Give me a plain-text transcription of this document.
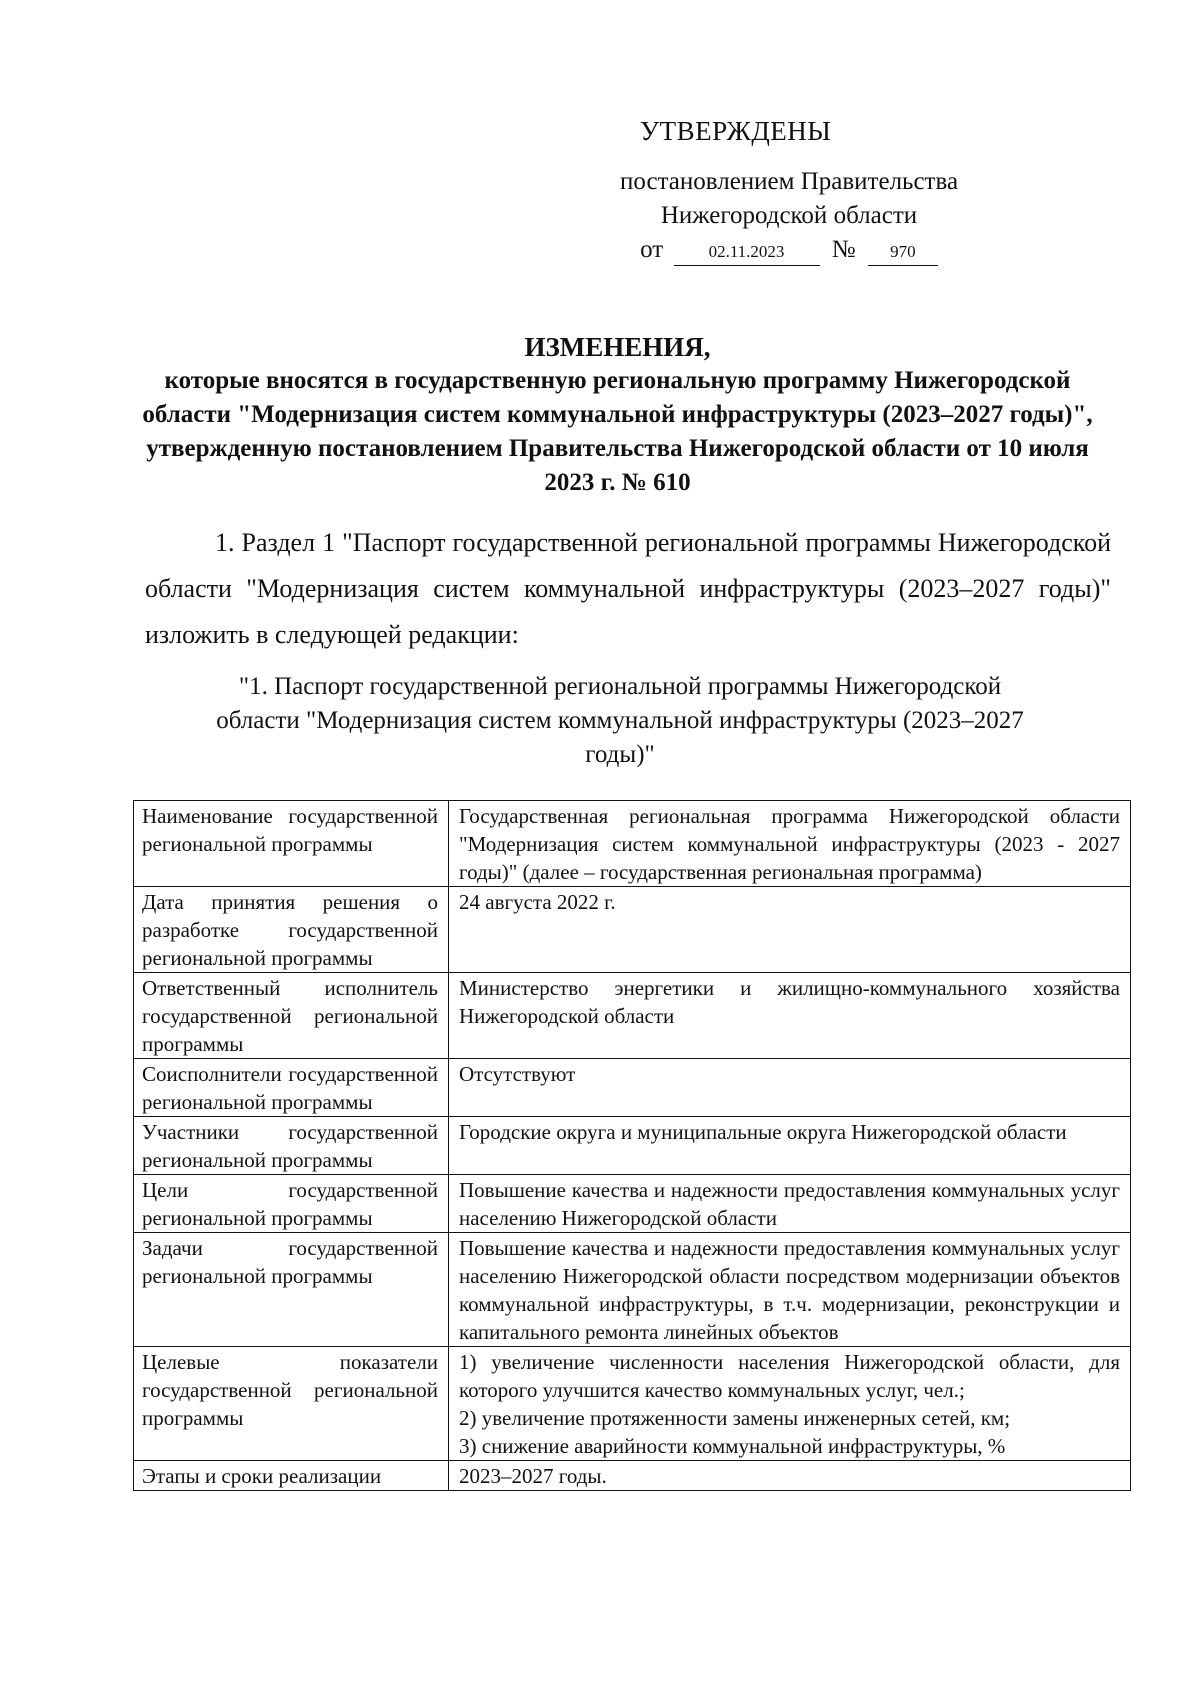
УТВЕРЖДЕНЫ
постановлением Правительства
Нижегородской области
от	02.11.2023 № 970
ИЗМЕНЕНИЯ,
которые вносятся в государственную региональную программу Нижегородской области "Модернизация систем коммунальной инфраструктуры (2023–2027 годы)", утвержденную постановлением Правительства Нижегородской области от 10 июля 2023 г. № 610
1. Раздел 1 "Паспорт государственной региональной программы Нижегородской области "Модернизация систем коммунальной инфраструктуры (2023–2027 годы)" изложить в следующей редакции:
"1. Паспорт государственной региональной программы Нижегородской области "Модернизация систем коммунальной инфраструктуры (2023–2027 годы)"
Наименование государственной региональной программы	Государственная региональная программа Нижегородской области "Модернизация систем коммунальной инфраструктуры (2023 - 2027 годы)" (далее – государственная региональная программа)
Дата принятия решения о разработке государственной региональной программы	24 августа 2022 г.
Ответственный исполнитель государственной региональной программы	Министерство энергетики и жилищно-коммунального хозяйства Нижегородской области
Соисполнители государственной региональной программы	Отсутствуют
Участники государственной региональной программы	Городские округа и муниципальные округа Нижегородской области
Цели государственной региональной программы	Повышение качества и надежности предоставления коммунальных услуг населению Нижегородской области
Задачи государственной региональной программы	Повышение качества и надежности предоставления коммунальных услуг населению Нижегородской области посредством модернизации объектов коммунальной инфраструктуры, в т.ч. модернизации, реконструкции и капитального ремонта линейных объектов
Целевые показатели государственной региональной программы	1) увеличение численности населения Нижегородской области, для которого улучшится качество коммунальных услуг, чел.;
2) увеличение протяженности замены инженерных сетей, км;
3) снижение аварийности коммунальной инфраструктуры, %

Этапы и сроки реализации	2023–2027 годы.
